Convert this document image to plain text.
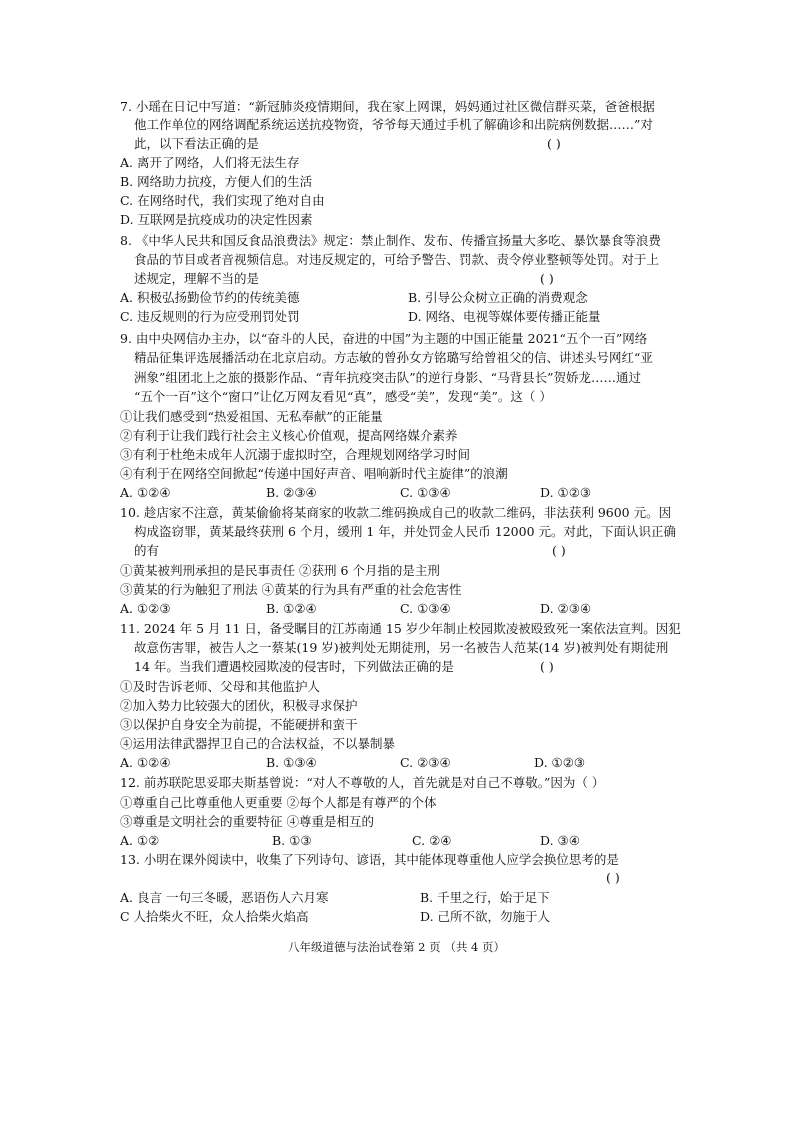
7. 小瑶在日记中写道：“新冠肺炎疫情期间，我在家上网课，妈妈通过社区微信群买菜，爸爸根据
他工作单位的网络调配系统运送抗疫物资，爷爷每天通过手机了解确诊和出院病例数据……”对
此，以下看法正确的是	( )
A. 离开了网络，人们将无法生存
B. 网络助力抗疫，方便人们的生活
C. 在网络时代，我们实现了绝对自由
D. 互联网是抗疫成功的决定性因素
8. 《中华人民共和国反食品浪费法》规定：禁止制作、发布、传播宣扬量大多吃、暴饮暴食等浪费
食品的节目或者音视频信息。对违反规定的，可给予警告、罚款、责令停业整顿等处罚。对于上
述规定，理解不当的是	( )
A. 积极弘扬勤俭节约的传统美德	B. 引导公众树立正确的消费观念
C. 违反规则的行为应受刑罚处罚	D. 网络、电视等媒体要传播正能量
9. 由中央网信办主办，以“奋斗的人民，奋进的中国”为主题的中国正能量 2021“五个一百”网络
精品征集评选展播活动在北京启动。方志敏的曾孙女方铭璐写给曾祖父的信、讲述头号网红“亚
洲象”组团北上之旅的摄影作品、“青年抗疫突击队”的逆行身影、“马背县长”贺娇龙……通过
“五个一百”这个“窗口”让亿万网友看见“真”，感受“美”，发现“美”。这（ ）
①让我们感受到“热爱祖国、无私奉献”的正能量
②有利于让我们践行社会主义核心价值观，提高网络媒介素养
③有利于杜绝未成年人沉溺于虚拟时空，合理规划网络学习时间
④有利于在网络空间掀起“传递中国好声音、唱响新时代主旋律”的浪潮
A. ①②④	B. ②③④	C. ①③④	D. ①②③
10. 趁店家不注意，黄某偷偷将某商家的收款二维码换成自己的收款二维码，非法获利 9600 元。因
构成盗窃罪，黄某最终获刑 6 个月，缓刑 1 年，并处罚金人民币 12000 元。对此，下面认识正确
的有	( )
①黄某被判刑承担的是民事责任 ②获刑 6 个月指的是主刑
③黄某的行为触犯了刑法 ④黄某的行为具有严重的社会危害性
A. ①②③	B. ①②④	C. ①③④	D. ②③④
11. 2024 年 5 月 11 日，备受瞩目的江苏南通 15 岁少年制止校园欺凌被殴致死一案依法宣判。因犯
故意伤害罪，被告人之一蔡某(19 岁)被判处无期徒刑，另一名被告人范某(14 岁)被判处有期徒刑
14 年。当我们遭遇校园欺凌的侵害时，下列做法正确的是	( )
①及时告诉老师、父母和其他监护人
②加入势力比较强大的团伙，积极寻求保护
③以保护自身安全为前提，不能硬拼和蛮干
④运用法律武器捍卫自己的合法权益，不以暴制暴
A. ①②④	B. ①③④	C. ②③④	D. ①②③
12. 前苏联陀思妥耶夫斯基曾说：“对人不尊敬的人，首先就是对自己不尊敬。”因为（ ）
①尊重自己比尊重他人更重要 ②每个人都是有尊严的个体
③尊重是文明社会的重要特征 ④尊重是相互的
A. ①②	B. ①③	C. ②④	D. ③④
13. 小明在课外阅读中，收集了下列诗句、谚语，其中能体现尊重他人应学会换位思考的是
( )
A. 良言 一句三冬暖，恶语伤人六月寒	B. 千里之行，始于足下
C 人拾柴火不旺，众人拾柴火焰高	D. 己所不欲，勿施于人
八年级道德与法治试卷第 2 页 （共 4 页）
